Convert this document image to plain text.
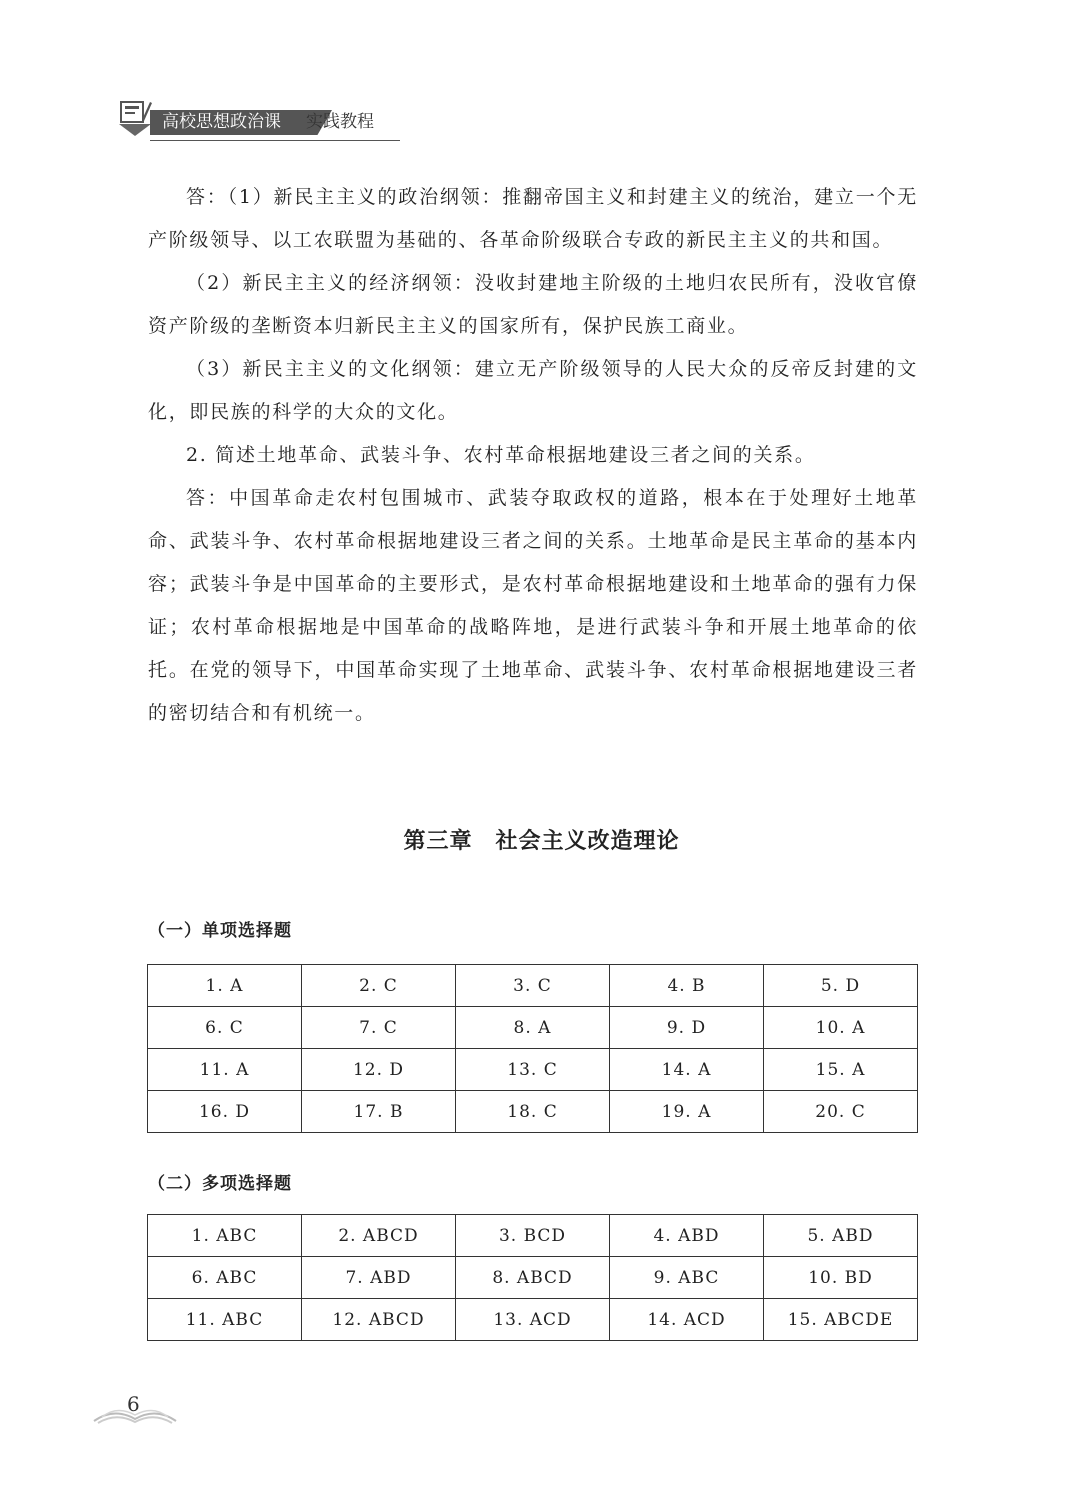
高校思想政治课 实践教程

答：（1）新民主主义的政治纲领：推翻帝国主义和封建主义的统治，建立一个无产阶级领导、以工农联盟为基础的、各革命阶级联合专政的新民主主义的共和国。

（2）新民主主义的经济纲领：没收封建地主阶级的土地归农民所有，没收官僚资产阶级的垄断资本归新民主主义的国家所有，保护民族工商业。

（3）新民主主义的文化纲领：建立无产阶级领导的人民大众的反帝反封建的文化，即民族的科学的大众的文化。

2. 简述土地革命、武装斗争、农村革命根据地建设三者之间的关系。

答：中国革命走农村包围城市、武装夺取政权的道路，根本在于处理好土地革命、武装斗争、农村革命根据地建设三者之间的关系。土地革命是民主革命的基本内容；武装斗争是中国革命的主要形式，是农村革命根据地建设和土地革命的强有力保证；农村革命根据地是中国革命的战略阵地，是进行武装斗争和开展土地革命的依托。在党的领导下，中国革命实现了土地革命、武装斗争、农村革命根据地建设三者的密切结合和有机统一。

第三章　社会主义改造理论
（一）单项选择题
1. A	2. C	3. C	4. B	5. D
6. C	7. C	8. A	9. D	10. A
11. A	12. D	13. C	14. A	15. A
16. D	17. B	18. C	19. A	20. C
（二）多项选择题
1. ABC	2. ABCD	3. BCD	4. ABD	5. ABD
6. ABC	7. ABD	8. ABCD	9. ABC	10. BD
11. ABC	12. ABCD	13. ACD	14. ACD	15. ABCDE
6
